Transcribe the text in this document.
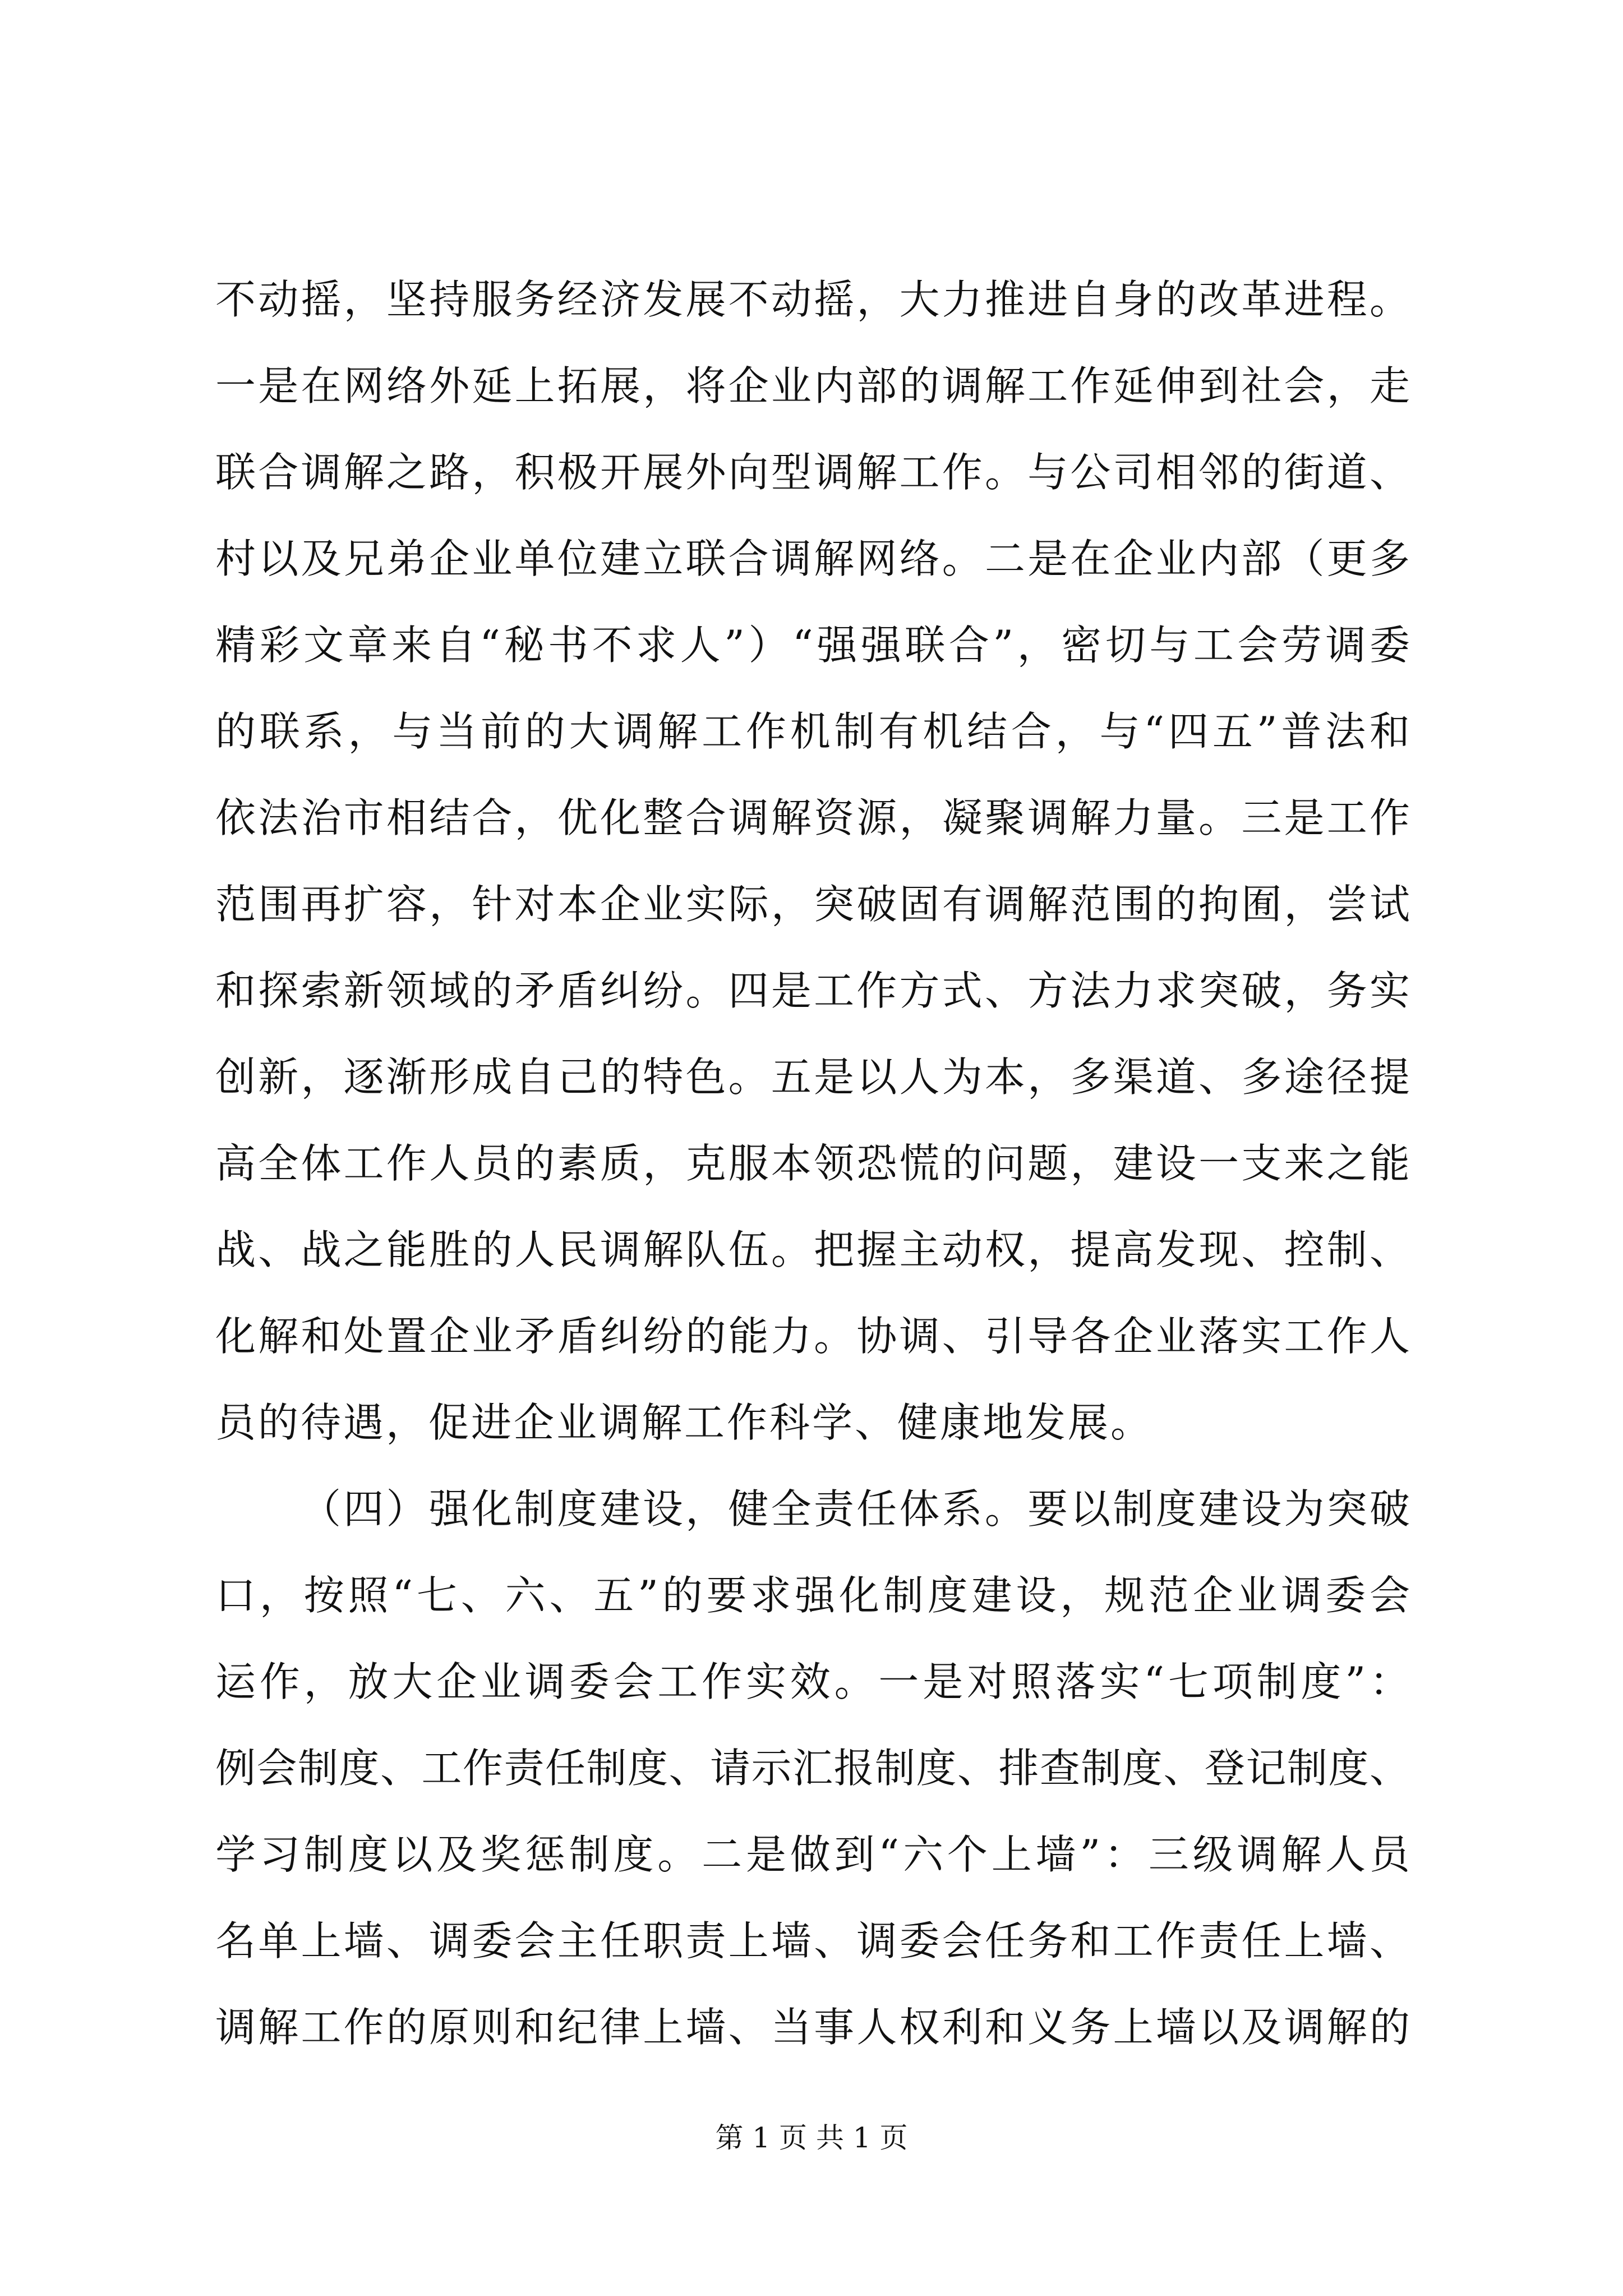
不动摇，坚持服务经济发展不动摇，大力推进自身的改革进程。
一是在网络外延上拓展，将企业内部的调解工作延伸到社会，走
联合调解之路，积极开展外向型调解工作。与公司相邻的街道、
村以及兄弟企业单位建立联合调解网络。二是在企业内部（更多
精彩文章来自“秘书不求人”）“强强联合”，密切与工会劳调委
的联系，与当前的大调解工作机制有机结合，与“四五”普法和
依法治市相结合，优化整合调解资源，凝聚调解力量。三是工作
范围再扩容，针对本企业实际，突破固有调解范围的拘囿，尝试
和探索新领域的矛盾纠纷。四是工作方式、方法力求突破，务实
创新，逐渐形成自己的特色。五是以人为本，多渠道、多途径提
高全体工作人员的素质，克服本领恐慌的问题，建设一支来之能
战、战之能胜的人民调解队伍。把握主动权，提高发现、控制、
化解和处置企业矛盾纠纷的能力。协调、引导各企业落实工作人
员的待遇，促进企业调解工作科学、健康地发展。
（四）强化制度建设，健全责任体系。要以制度建设为突破
口，按照“七、六、五”的要求强化制度建设，规范企业调委会
运作，放大企业调委会工作实效。一是对照落实“七项制度”：
例会制度、工作责任制度、请示汇报制度、排查制度、登记制度、
学习制度以及奖惩制度。二是做到“六个上墙”：三级调解人员
名单上墙、调委会主任职责上墙、调委会任务和工作责任上墙、
调解工作的原则和纪律上墙、当事人权利和义务上墙以及调解的
第 1 页 共 1 页
